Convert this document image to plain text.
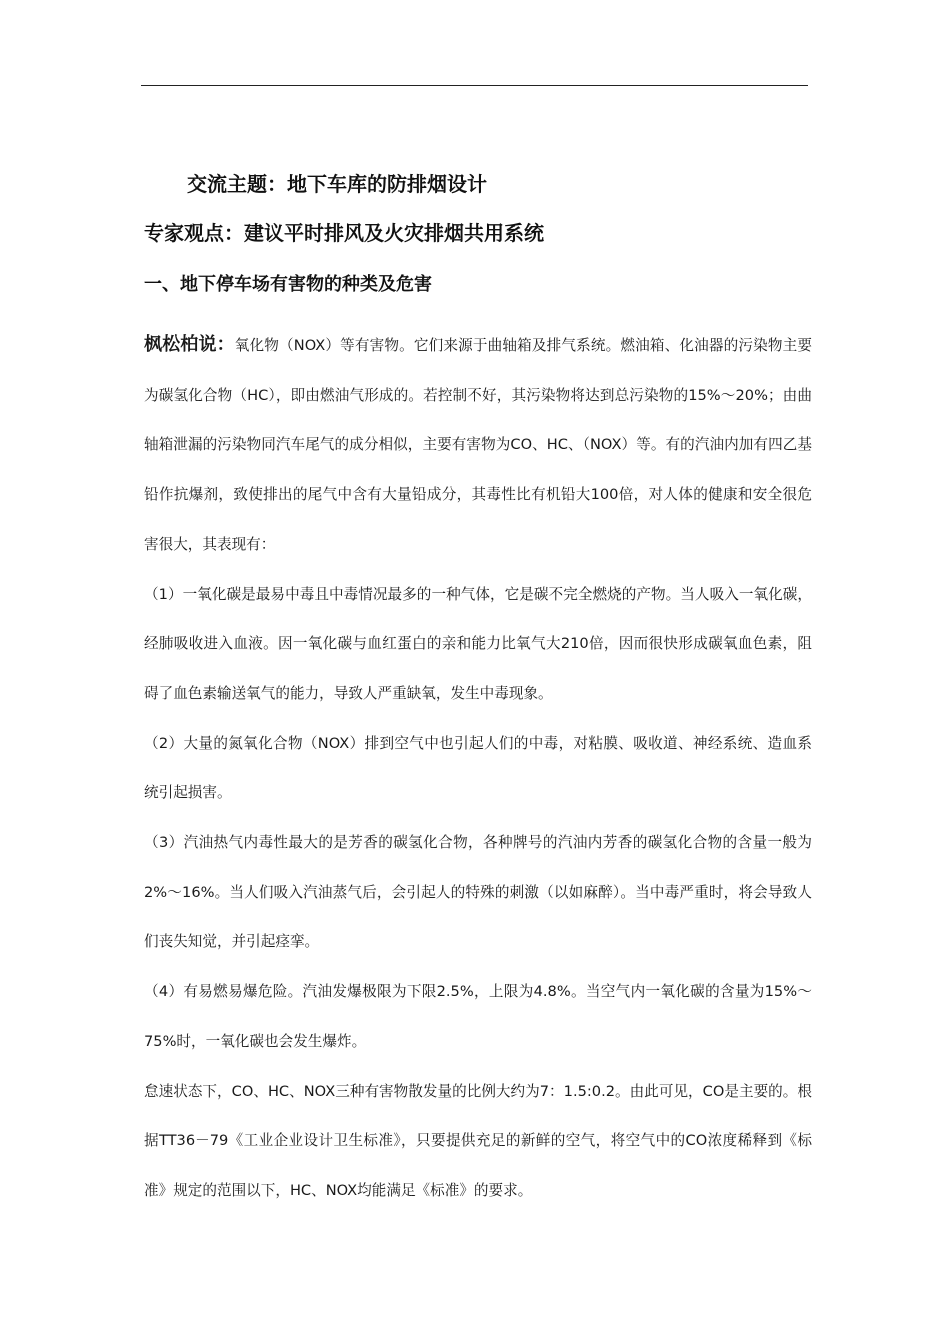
交流主题：地下车库的防排烟设计
专家观点：建议平时排风及火灾排烟共用系统
一、地下停车场有害物的种类及危害

枫松柏说：氧化物（NOX）等有害物。它们来源于曲轴箱及排气系统。燃油箱、化油器的污染物主要为碳氢化合物（HC），即由燃油气形成的。若控制不好，其污染物将达到总污染物的15%～20%；由曲轴箱泄漏的污染物同汽车尾气的成分相似，主要有害物为CO、HC、（NOX）等。有的汽油内加有四乙基铅作抗爆剂，致使排出的尾气中含有大量铅成分，其毒性比有机铅大100倍，对人体的健康和安全很危害很大，其表现有：

（1）一氧化碳是最易中毒且中毒情况最多的一种气体，它是碳不完全燃烧的产物。当人吸入一氧化碳，经肺吸收进入血液。因一氧化碳与血红蛋白的亲和能力比氧气大210倍，因而很快形成碳氧血色素，阻碍了血色素输送氧气的能力，导致人严重缺氧，发生中毒现象。

（2）大量的氮氧化合物（NOX）排到空气中也引起人们的中毒，对粘膜、吸收道、神经系统、造血系统引起损害。

（3）汽油热气内毒性最大的是芳香的碳氢化合物，各种牌号的汽油内芳香的碳氢化合物的含量一般为2%～16%。当人们吸入汽油蒸气后，会引起人的特殊的刺激（以如麻醉）。当中毒严重时，将会导致人们丧失知觉，并引起痉挛。

（4）有易燃易爆危险。汽油发爆极限为下限2.5%，上限为4.8%。当空气内一氧化碳的含量为15%～75%时，一氧化碳也会发生爆炸。

怠速状态下，CO、HC、NOX三种有害物散发量的比例大约为7：1.5:0.2。由此可见，CO是主要的。根据TT36－79《工业企业设计卫生标准》，只要提供充足的新鲜的空气，将空气中的CO浓度稀释到《标准》规定的范围以下，HC、NOX均能满足《标准》的要求。
